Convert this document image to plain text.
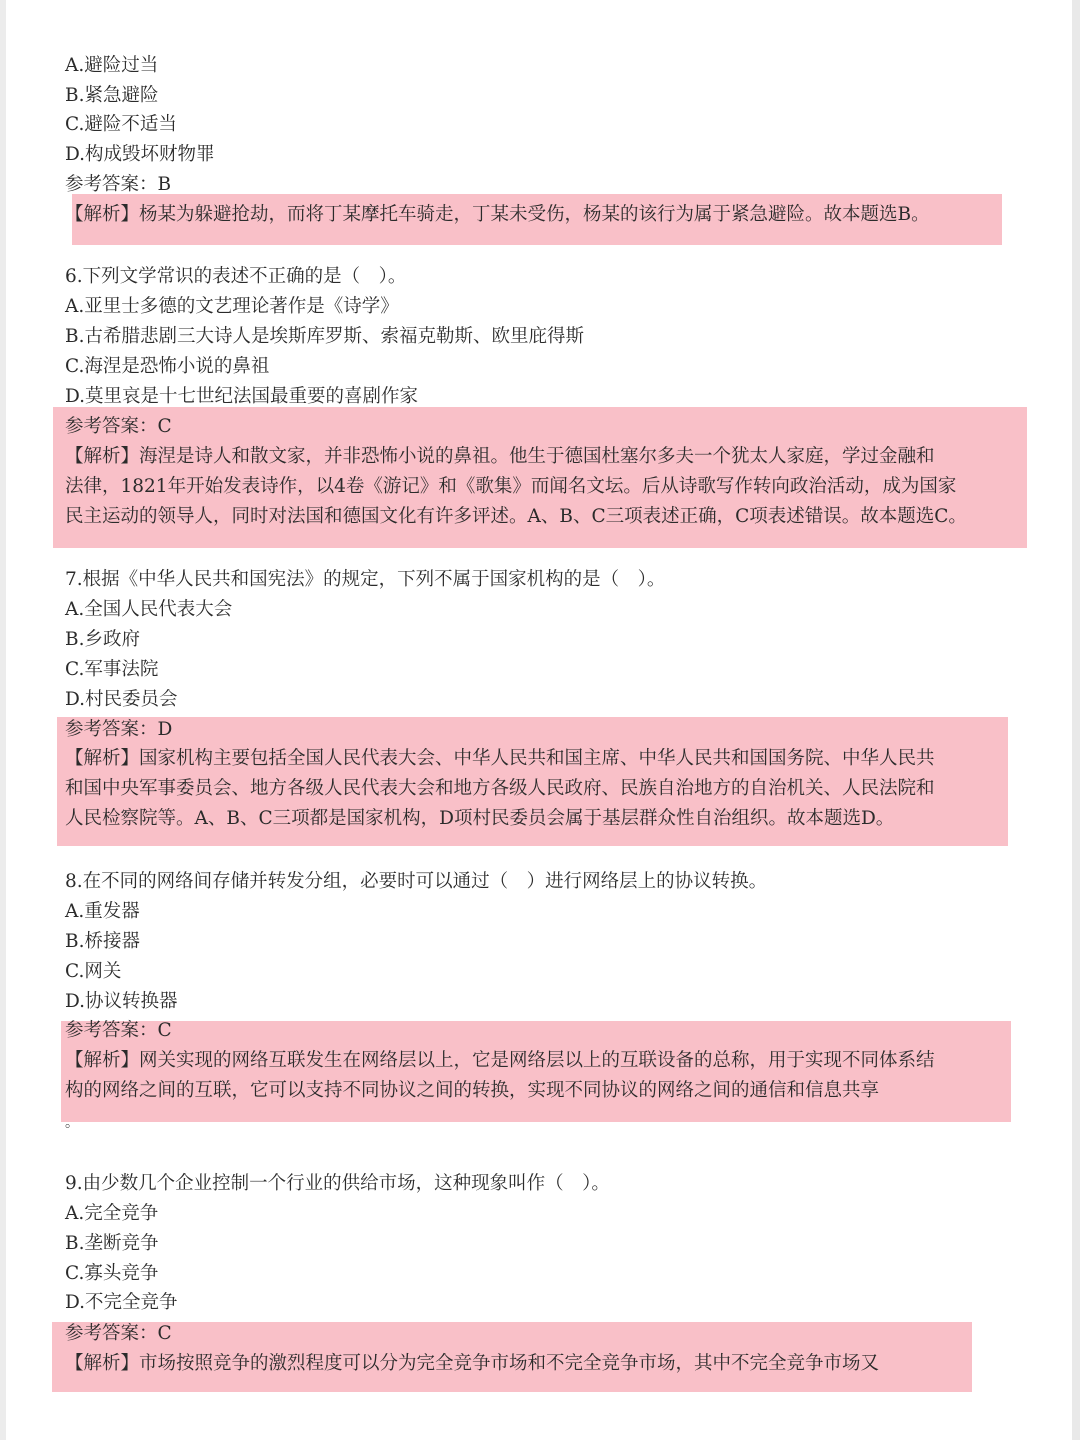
A.避险过当
B.紧急避险
C.避险不适当
D.构成毁坏财物罪
参考答案：B
【解析】杨某为躲避抢劫，而将丁某摩托车骑走，丁某未受伤，杨某的该行为属于紧急避险。故本题选B。
6.下列文学常识的表述不正确的是（　）。
A.亚里士多德的文艺理论著作是《诗学》
B.古希腊悲剧三大诗人是埃斯库罗斯、索福克勒斯、欧里庇得斯
C.海涅是恐怖小说的鼻祖
D.莫里哀是十七世纪法国最重要的喜剧作家
参考答案：C
【解析】海涅是诗人和散文家，并非恐怖小说的鼻祖。他生于德国杜塞尔多夫一个犹太人家庭，学过金融和
法律，1821年开始发表诗作，以4卷《游记》和《歌集》而闻名文坛。后从诗歌写作转向政治活动，成为国家
民主运动的领导人，同时对法国和德国文化有许多评述。A、B、C三项表述正确，C项表述错误。故本题选C。
7.根据《中华人民共和国宪法》的规定，下列不属于国家机构的是（　）。
A.全国人民代表大会
B.乡政府
C.军事法院
D.村民委员会
参考答案：D
【解析】国家机构主要包括全国人民代表大会、中华人民共和国主席、中华人民共和国国务院、中华人民共
和国中央军事委员会、地方各级人民代表大会和地方各级人民政府、民族自治地方的自治机关、人民法院和
人民检察院等。A、B、C三项都是国家机构，D项村民委员会属于基层群众性自治组织。故本题选D。
8.在不同的网络间存储并转发分组，必要时可以通过（　）进行网络层上的协议转换。
A.重发器
B.桥接器
C.网关
D.协议转换器
参考答案：C
【解析】网关实现的网络互联发生在网络层以上，它是网络层以上的互联设备的总称，用于实现不同体系结
构的网络之间的互联，它可以支持不同协议之间的转换，实现不同协议的网络之间的通信和信息共享
。
9.由少数几个企业控制一个行业的供给市场，这种现象叫作（　）。
A.完全竞争
B.垄断竞争
C.寡头竞争
D.不完全竞争
参考答案：C
【解析】市场按照竞争的激烈程度可以分为完全竞争市场和不完全竞争市场，其中不完全竞争市场又
